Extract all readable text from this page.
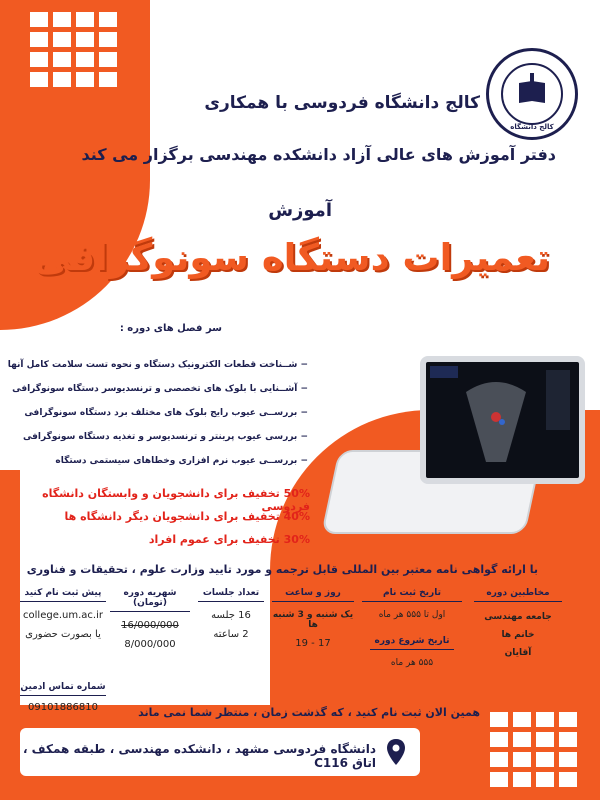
کالج دانشگاه
کالج دانشگاه فردوسی با همکاری
دفتر آموزش های عالی آزاد دانشکده مهندسی برگزار می کند
آموزش
تعمیرات دستگاه سونوگرافی
سر فصل های دوره :
− شــناخت قطعات الکترونیک دستگاه و نحوه تست سلامت کامل آنها
− آشــنایی با بلوک های تخصصی و ترنسدیوسر دستگاه سونوگرافی
− بررســی عیوب رایج بلوک های مختلف برد دستگاه سونوگرافی
− بررسی عیوب پرینتر و ترنسدیوسر و تغذیه دستگاه سونوگرافی
− بررســی عیوب نرم افزاری وخطاهای سیستمی دستگاه
50% تخفیف برای دانشجویان و وابستگان دانشگاه فردوسی
40% تخفیف برای دانشجویان دیگر دانشگاه ها
30% تخفیف برای عموم افراد
با ارائه گواهی نامه معتبر بین المللی قابل ترجمه و مورد تایید وزارت علوم ، تحقیقات و فناوری
مخاطبین دوره
جامعه مهندسی
خانم ها
آقایان
تاریخ ثبت نام
اول تا ۵۵۵ هر ماه
تاریخ شروع دوره
۵۵۵ هر ماه
روز و ساعت
یک شنبه و 3 شنبه ها
19 - 17
تعداد جلسات
16 جلسه
2 ساعته
شهریه دوره (تومان)
16/000/000
8/000/000
پیش ثبت نام کنید
college.um.ac.ir
یا بصورت حضوری
شماره تماس ادمین
09101886810	همین الان ثبت نام کنید ، که گذشت زمان ، منتظر شما نمی ماند
دانشگاه فردوسی مشهد ، دانشکده مهندسی ، طبقه همکف ، اتاق C116
